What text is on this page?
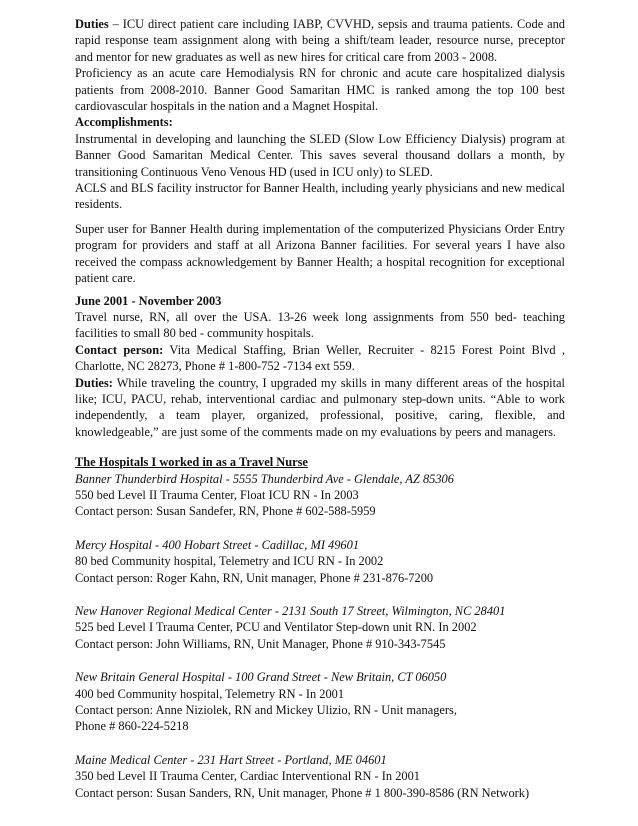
Duties – ICU direct patient care including IABP, CVVHD, sepsis and trauma patients. Code and rapid response team assignment along with being a shift/team leader, resource nurse, preceptor and mentor for new graduates as well as new hires for critical care from 2003 - 2008.

Proficiency as an acute care Hemodialysis RN for chronic and acute care hospitalized dialysis patients from 2008-2010. Banner Good Samaritan HMC is ranked among the top 100 best cardiovascular hospitals in the nation and a Magnet Hospital.

Accomplishments:

Instrumental in developing and launching the SLED (Slow Low Efficiency Dialysis) program at Banner Good Samaritan Medical Center. This saves several thousand dollars a month, by transitioning Continuous Veno Venous HD (used in ICU only) to SLED.

ACLS and BLS facility instructor for Banner Health, including yearly physicians and new medical residents.

Super user for Banner Health during implementation of the computerized Physicians Order Entry program for providers and staff at all Arizona Banner facilities. For several years I have also received the compass acknowledgement by Banner Health; a hospital recognition for exceptional patient care.

June 2001 - November 2003

Travel nurse, RN, all over the USA. 13-26 week long assignments from 550 bed- teaching facilities to small 80 bed - community hospitals.

Contact person: Vita Medical Staffing, Brian Weller, Recruiter - 8215 Forest Point Blvd , Charlotte, NC 28273, Phone # 1-800-752 -7134 ext 559.

Duties: While traveling the country, I upgraded my skills in many different areas of the hospital like; ICU, PACU, rehab, interventional cardiac and pulmonary step-down units. “Able to work independently, a team player, organized, professional, positive, caring, flexible, and knowledgeable,” are just some of the comments made on my evaluations by peers and managers.

The Hospitals I worked in as a Travel Nurse

Banner Thunderbird Hospital - 5555 Thunderbird Ave - Glendale, AZ 85306
550 bed Level II Trauma Center, Float ICU RN - In 2003
Contact person: Susan Sandefer, RN, Phone # 602-588-5959
Mercy Hospital - 400 Hobart Street - Cadillac, MI 49601
80 bed Community hospital, Telemetry and ICU RN - In 2002
Contact person: Roger Kahn, RN, Unit manager, Phone # 231-876-7200
New Hanover Regional Medical Center - 2131 South 17 Street, Wilmington, NC 28401
525 bed Level I Trauma Center, PCU and Ventilator Step-down unit RN. In 2002
Contact person: John Williams, RN, Unit Manager, Phone # 910-343-7545
New Britain General Hospital - 100 Grand Street - New Britain, CT 06050
400 bed Community hospital, Telemetry RN - In 2001
Contact person: Anne Niziolek, RN and Mickey Ulizio, RN - Unit managers,
Phone # 860-224-5218
Maine Medical Center - 231 Hart Street - Portland, ME 04601
350 bed Level II Trauma Center, Cardiac Interventional RN - In 2001
Contact person: Susan Sanders, RN, Unit manager, Phone # 1 800-390-8586 (RN Network)
